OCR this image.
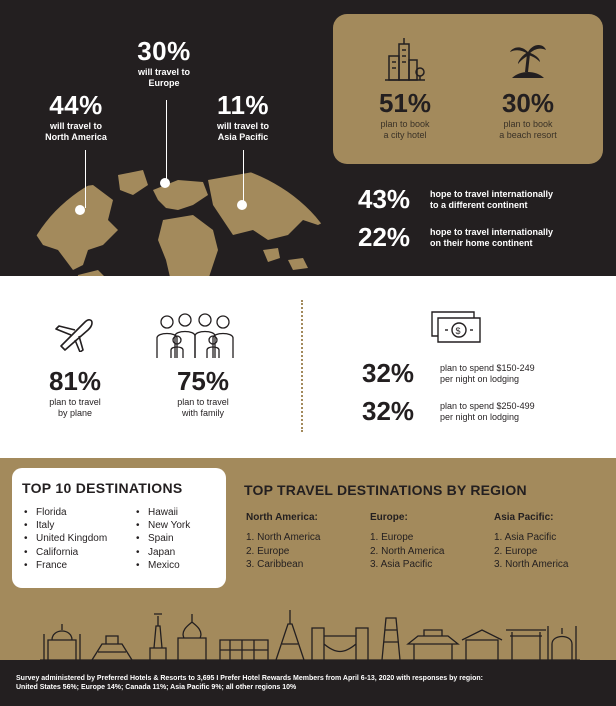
44%
will travel to
North America
30%
will travel to
Europe
11%
will travel to
Asia Pacific
51%
plan to book
a city hotel
30%
plan to book
a beach resort
43%	hope to travel internationally
to a different continent
22%	hope to travel internationally
on their home continent
81%
plan to travel
by plane
75%
plan to travel
with family
$
32%	plan to spend $150-249
per night on lodging
32%	plan to spend $250-499
per night on lodging
TOP 10 DESTINATIONS
• Florida
• Italy
• United Kingdom
• California
• France
• Hawaii
• New York
• Spain
• Japan
• Mexico
TOP TRAVEL DESTINATIONS BY REGION
North America:
1. North America
2. Europe
3. Caribbean
Europe:
1. Europe
2. North America
3. Asia Pacific
Asia Pacific:
1. Asia Pacific
2. Europe
3. North America
Survey administered by Preferred Hotels & Resorts to 3,695 I Prefer Hotel Rewards Members from April 6-13, 2020 with responses by region:
United States 56%; Europe 14%; Canada 11%; Asia Pacific 9%; all other regions 10%
